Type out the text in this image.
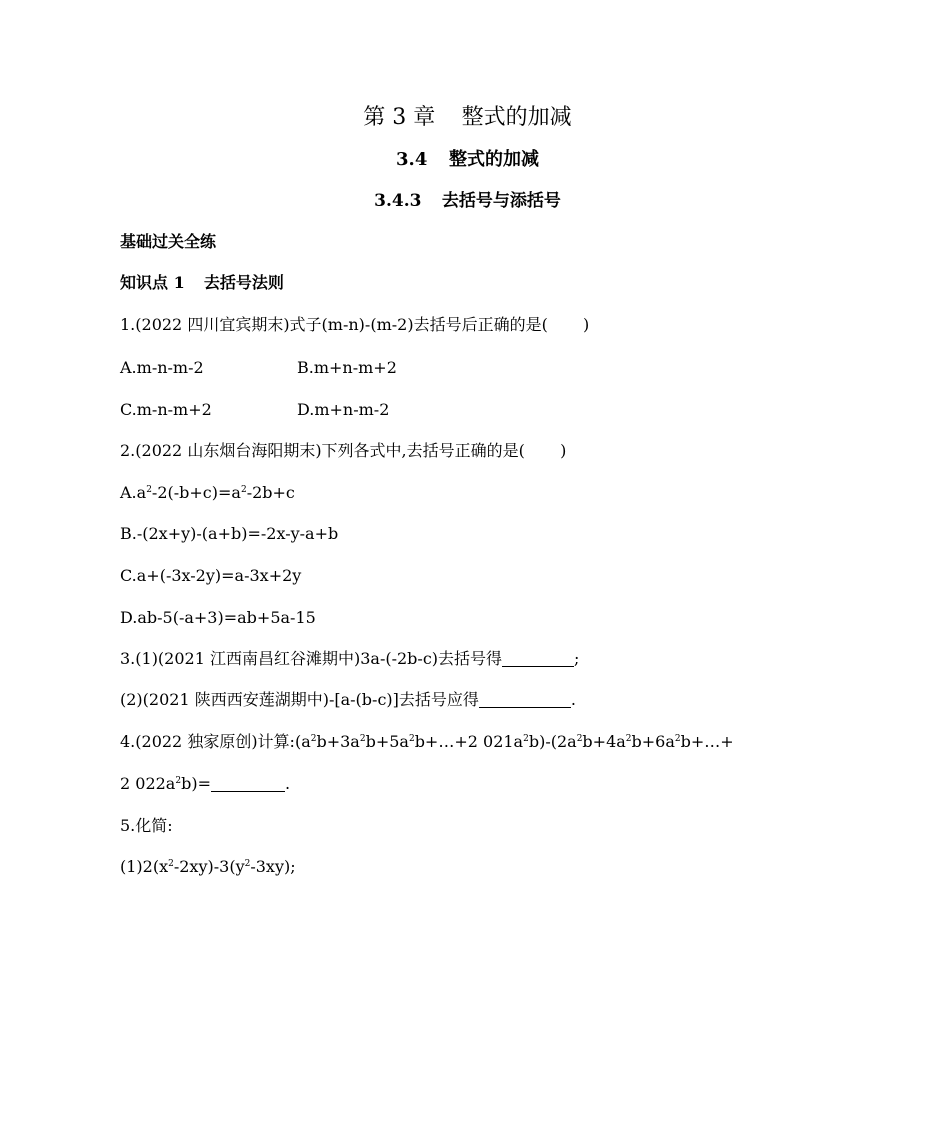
第 3 章 整式的加减
3.4 整式的加减
3.4.3 去括号与添括号
基础过关全练
知识点 1 去括号法则
1.(2022 四川宜宾期末)式子(m-n)-(m-2)去括号后正确的是( )
A.m-n-m-2	B.m+n-m+2
C.m-n-m+2	D.m+n-m-2
2.(2022 山东烟台海阳期末)下列各式中,去括号正确的是( )
$A.a^2-2(-b+c)=a^2-2b+c$
B.-(2x+y)-(a+b)=-2x-y-a+b
C.a+(-3x-2y)=a-3x+2y
D.ab-5(-a+3)=ab+5a-15
3.(1)(2021 江西南昌红谷滩期中)3a-(-2b-c)去括号得	;
(2)(2021 陕西西安莲湖期中)-[a-(b-c)]去括号应得	.
4.(2022 独家原创)计算$:(a^2b+3a^2b+5a^2b+\dots+2$ $021a^2b)-(2a^2b+4a^2b+6a^2b+\dots+$
2 $022a^2b)=$	.
5.化简:
$(1)2(x^2-2xy)-3(y^2-3xy)$;
